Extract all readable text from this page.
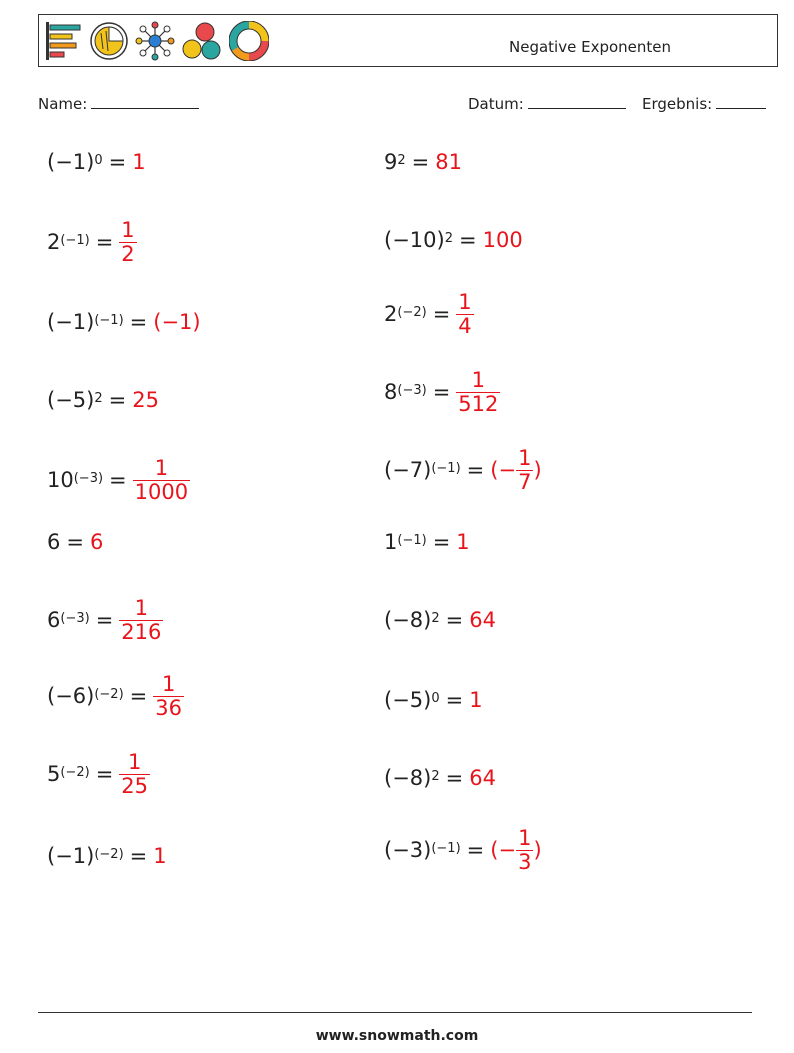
Negative Exponenten
Name:	Datum:	Ergebnis:
$(-1)^0 = 1$
$2^{(-1)} = \frac{1}{2}$
$(-1)^{(-1)} = (-1)$
$(-5)^2 = 25$
$10^{(-3)} = \frac{1}{1000}$
6 = 6
$6^{(-3)} = \frac{1}{216}$
$(-6)^{(-2)} = \frac{1}{36}$
$5^{(-2)} = \frac{1}{25}$
$(-1)^{(-2)} = 1$
$9^2 = 81$
$(-10)^2 = 100$
$2^{(-2)} = \frac{1}{4}$
$8^{(-3)} = \frac{1}{512}$
$(-7)^{(-1)}$ = (− $\frac{1}{7}$ )
$1^{(-1)} = 1$
$(-8)^2 = 64$
$(-5)^0 = 1$
$(-8)^2 = 64$
$(-3)^{(-1)}$ = (− $\frac{1}{3}$ )
www.snowmath.com
